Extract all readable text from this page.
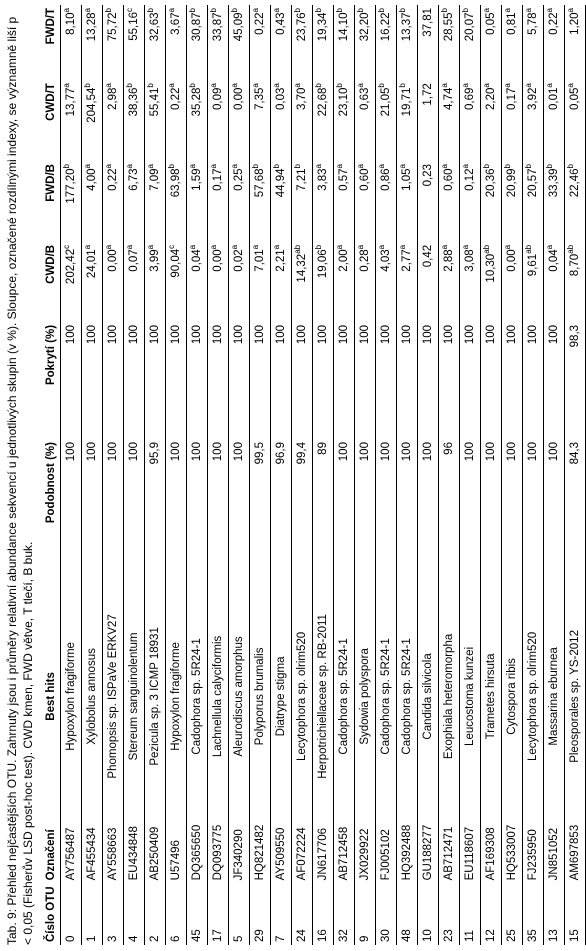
Tab. 9: Přehled nejčastějších OTU. Zahrnuty jsou i průměry relativní abundance sekvencí u jednotlivých skupin (v %). Sloupce, označené rozdílnými indexy, se významně liší p < 0,05 (Fisherův LSD post-hoc test). CWD kmen, FWD větve, T tlečí, B buk. Číslo OTU	Označení	Best hits	Podobnost (%)	Pokrytí (%)	CWD/B	FWD/B	CWD/T	FWD/T
0	AY756487	Hypoxylon fragiforme	100	100	202,42$^c$	177,20$^b$	13,77$^a$	8,10$^a$
1	AF455434	Xylobolus annosus	100	100	24,01$^a$	4,00$^a$	204,54$^b$	13,28$^a$
3	AY558663	Phomopsis sp. ISPaVe ERKV27	100	100	0,00$^a$	0,22$^a$	2,98$^a$	75,72$^b$
4	EU434848	Stereum sanguinolentum	100	100	0,07$^a$	6,73$^a$	38,36$^b$	55,16$^c$
2	AB250409	Pezicula sp. 3 ICMP 18931	95,9	100	3,99$^a$	7,09$^a$	55,41$^b$	32,63$^b$
6	U57496	Hypoxylon fragiforme	100	100	90,04$^c$	63,98$^b$	0,22$^a$	3,67$^a$
45	DQ365650	Cadophora sp. 5R24-1	100	100	0,04$^a$	1,59$^a$	35,28$^b$	30,87$^b$
17	DQ093775	Lachnellula calyciformis	100	100	0,00$^a$	0,17$^a$	0,09$^a$	33,87$^b$
5	JF340290	Aleurodiscus amorphus	100	100	0,02$^a$	0,25$^a$	0,00$^a$	45,09$^b$
29	HQ821482	Polyporus brumalis	99,5	100	7,01$^a$	57,68$^b$	7,35$^a$	0,22$^a$
7	AY509550	Diatrype stigma	96,9	100	2,21$^a$	44,94$^b$	0,03$^a$	0,43$^a$
24	AF072224	Lecytophora sp. olrim520	99,4	100	14,32$^{ab}$	7,21$^b$	3,70$^a$	23,76$^b$
16	JN617706	Herpotrichiellaceae sp. RB-2011	89	100	19,06$^b$	3,83$^a$	22,68$^b$	19,34$^b$
32	AB712458	Cadophora sp. 5R24-1	100	100	2,00$^a$	0,57$^a$	23,10$^b$	14,10$^b$
9	JX029922	Sydowia polyspora	100	100	0,28$^a$	0,60$^a$	0,63$^a$	32,20$^b$
30	FJ005102	Cadophora sp. 5R24-1	100	100	4,03$^a$	0,86$^a$	21,05$^b$	16,22$^b$
48	HQ392488	Cadophora sp. 5R24-1	100	100	2,77$^a$	1,05$^a$	19,71$^b$	13,37$^b$
10	GU188277	Candida silvicola	100	100	0,42	0,23	1,72	37,81
23	AB712471	Exophiala heteromorpha	96	100	2,88$^a$	0,60$^a$	4,74$^a$	28,55$^b$
11	EU118607	Leucostoma kunzei	100	100	3,08$^a$	0,12$^a$	0,69$^a$	20,07$^b$
12	AF169308	Trametes hirsuta	100	100	10,30$^{ab}$	20,36$^b$	2,20$^a$	0,05$^a$
25	HQ533007	Cytospora ribis	100	100	0,00$^a$	20,99$^b$	0,17$^a$	0,81$^a$
35	FJ235950	Lecytophora sp. olrim520	100	100	9,61$^{ab}$	20,57$^b$	3,92$^a$	5,78$^a$
13	JN851052	Massarina eburnea	100	100	0,04$^a$	33,39$^b$	0,01$^a$	0,22$^a$
15	AM697853	Pleosporales sp. YS-2012	84,3	98,3	8,70$^{ab}$	22,46$^b$	0,05$^a$	1,20$^a$
